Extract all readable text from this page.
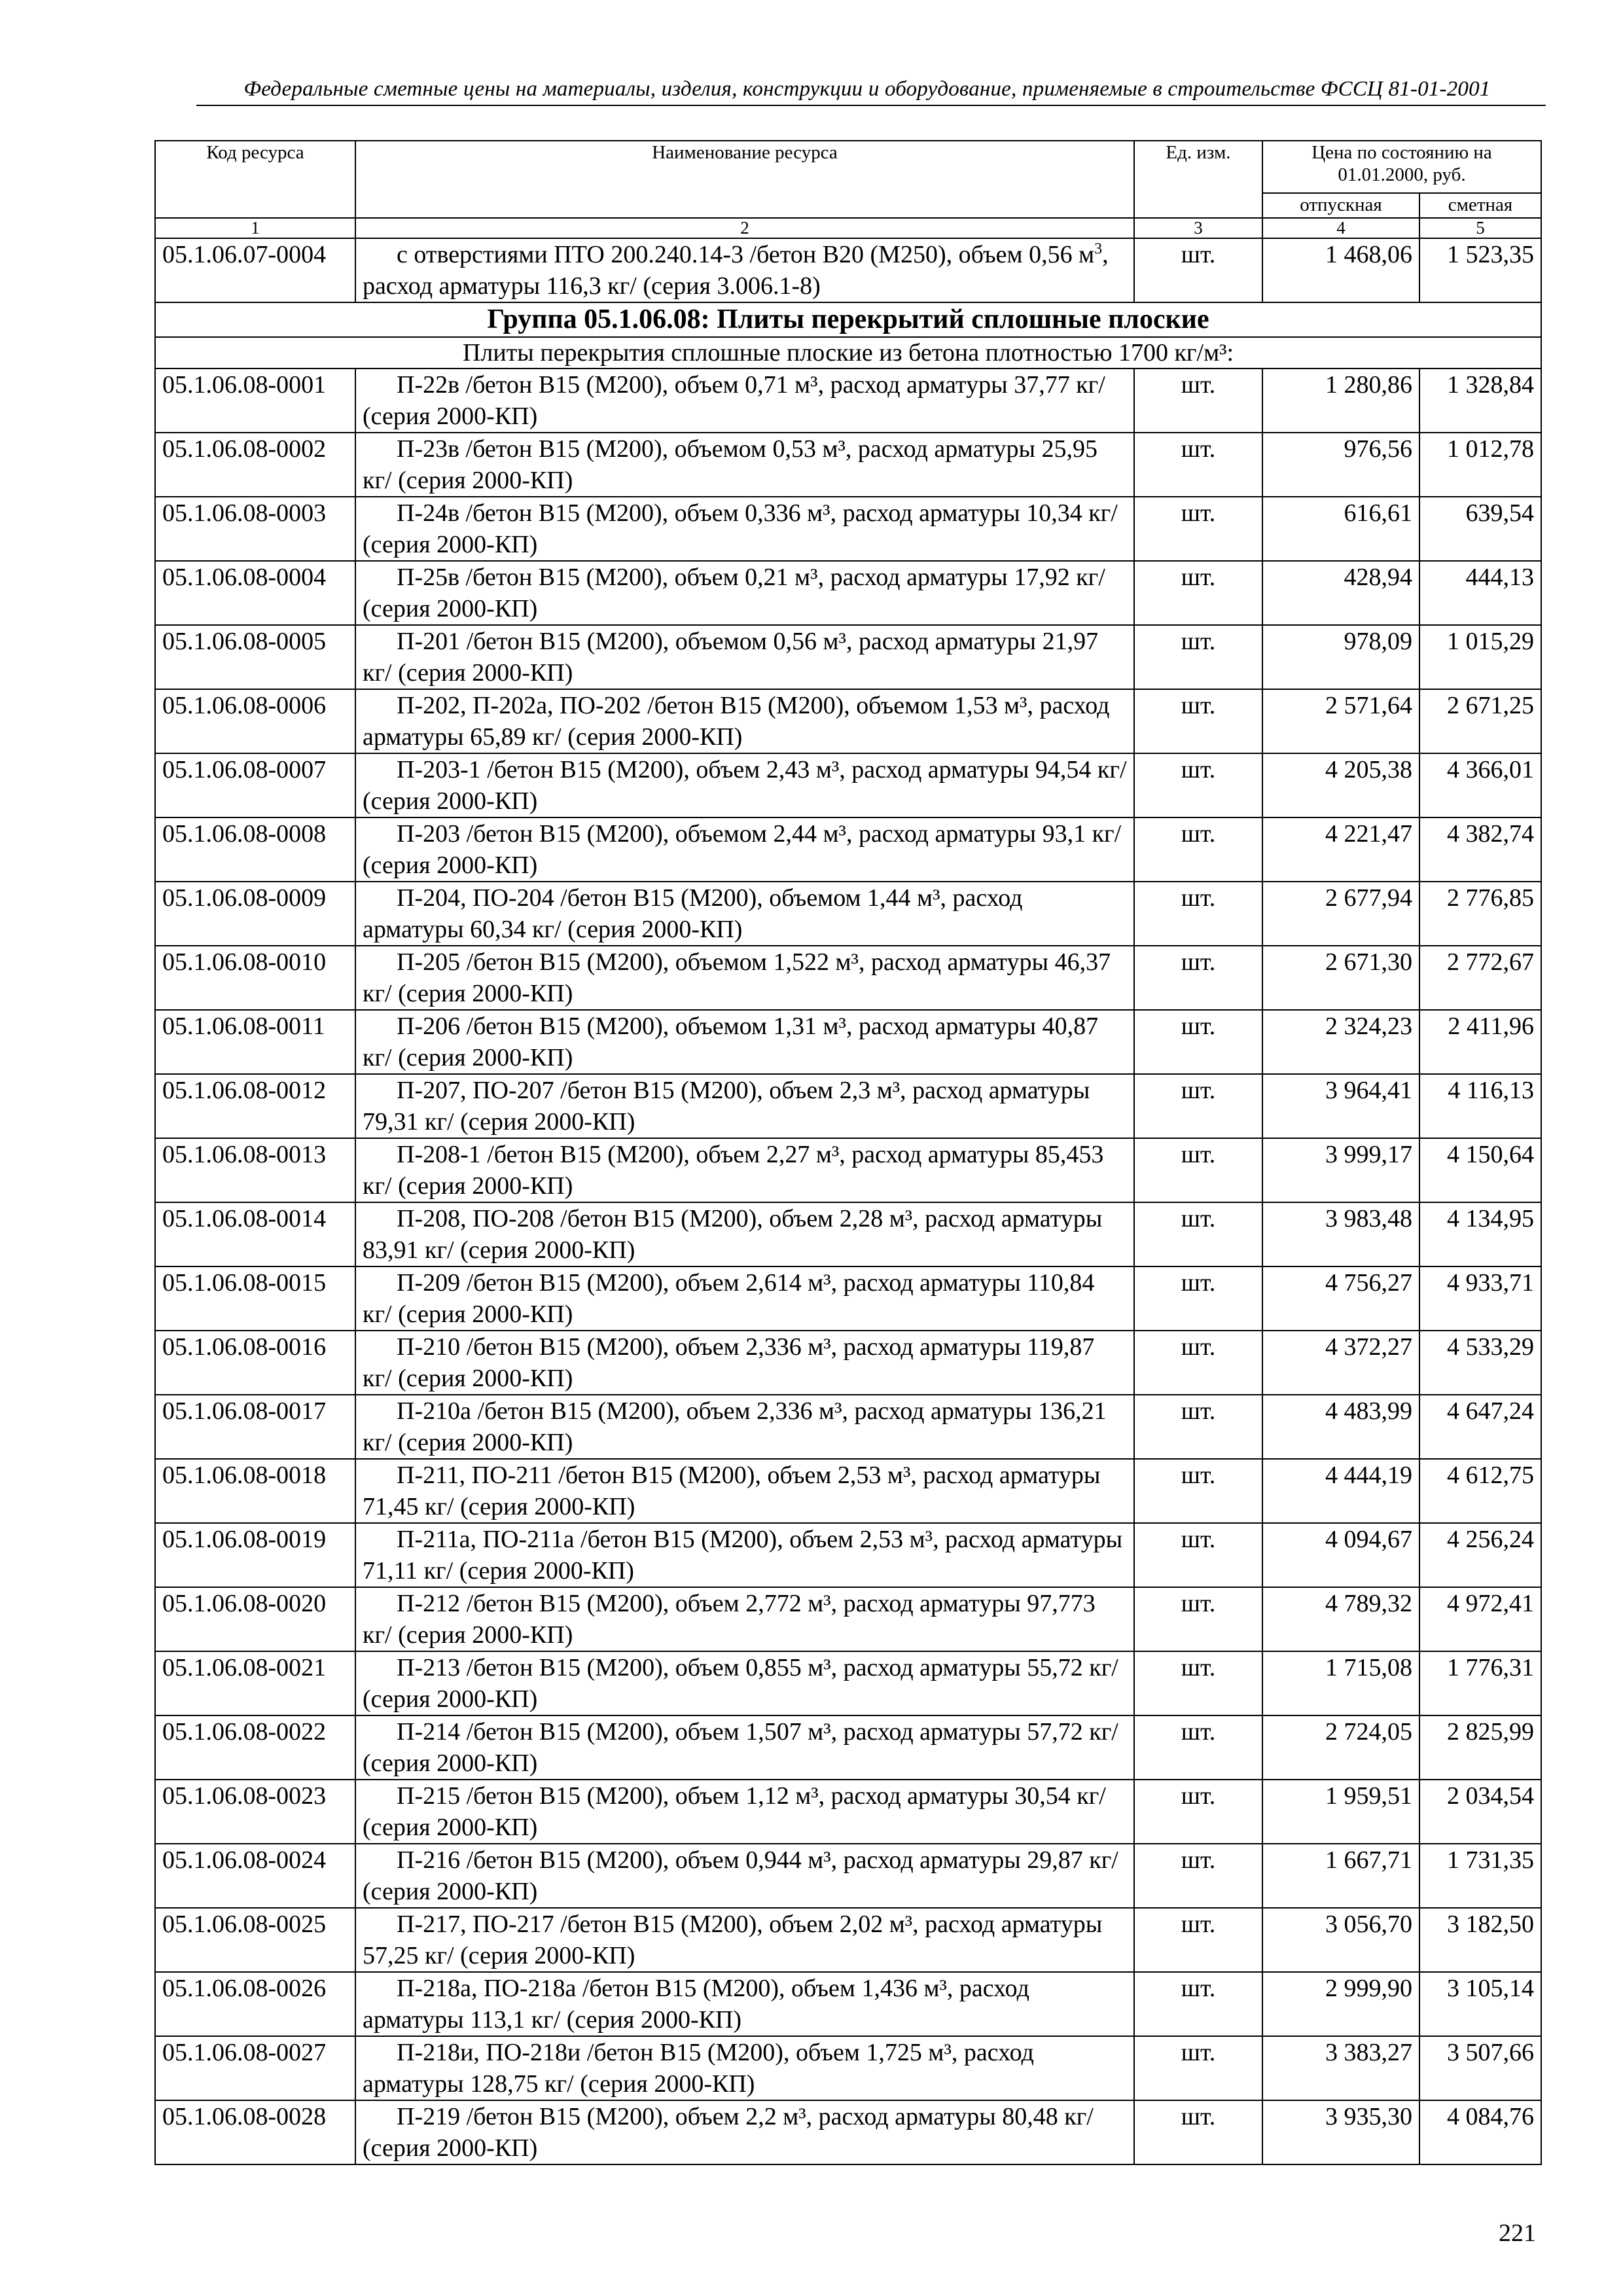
Федеральные сметные цены на материалы, изделия, конструкции и оборудование, применяемые в строительстве ФССЦ 81-01-2001
Код ресурса	Наименование ресурса	Ед. изм.	Цена по состоянию на 01.01.2000, руб.	
			отпускная	сметная
1	2	3	4	5
05.1.06.07-0004	с отверстиями ПТО 200.240.14-3 /бетон В20 (М250), объем 0,56 $м^3$, расход арматуры 116,3 кг/ (серия 3.006.1-8)	шт.	1 468,06	1 523,35
Группа 05.1.06.08: Плиты перекрытий сплошные плоские				
Плиты перекрытия сплошные плоские из бетона плотностью 1700 кг/м³:				
05.1.06.08-0001	П-22в /бетон В15 (М200), объем 0,71 м³, расход арматуры 37,77 кг/ (серия 2000-КП)	шт.	1 280,86	1 328,84
05.1.06.08-0002	П-23в /бетон В15 (М200), объемом 0,53 м³, расход арматуры 25,95 кг/ (серия 2000-КП)	шт.	976,56	1 012,78
05.1.06.08-0003	П-24в /бетон В15 (М200), объем 0,336 м³, расход арматуры 10,34 кг/ (серия 2000-КП)	шт.	616,61	639,54
05.1.06.08-0004	П-25в /бетон В15 (М200), объем 0,21 м³, расход арматуры 17,92 кг/ (серия 2000-КП)	шт.	428,94	444,13
05.1.06.08-0005	П-201 /бетон В15 (М200), объемом 0,56 м³, расход арматуры 21,97 кг/ (серия 2000-КП)	шт.	978,09	1 015,29
05.1.06.08-0006	П-202, П-202а, ПО-202 /бетон В15 (М200), объемом 1,53 м³, расход арматуры 65,89 кг/ (серия 2000-КП)	шт.	2 571,64	2 671,25
05.1.06.08-0007	П-203-1 /бетон В15 (М200), объем 2,43 м³, расход арматуры 94,54 кг/ (серия 2000-КП)	шт.	4 205,38	4 366,01
05.1.06.08-0008	П-203 /бетон В15 (М200), объемом 2,44 м³, расход арматуры 93,1 кг/ (серия 2000-КП)	шт.	4 221,47	4 382,74
05.1.06.08-0009	П-204, ПО-204 /бетон В15 (М200), объемом 1,44 м³, расход арматуры 60,34 кг/ (серия 2000-КП)	шт.	2 677,94	2 776,85
05.1.06.08-0010	П-205 /бетон В15 (М200), объемом 1,522 м³, расход арматуры 46,37 кг/ (серия 2000-КП)	шт.	2 671,30	2 772,67
05.1.06.08-0011	П-206 /бетон В15 (М200), объемом 1,31 м³, расход арматуры 40,87 кг/ (серия 2000-КП)	шт.	2 324,23	2 411,96
05.1.06.08-0012	П-207, ПО-207 /бетон В15 (М200), объем 2,3 м³, расход арматуры 79,31 кг/ (серия 2000-КП)	шт.	3 964,41	4 116,13
05.1.06.08-0013	П-208-1 /бетон В15 (М200), объем 2,27 м³, расход арматуры 85,453 кг/ (серия 2000-КП)	шт.	3 999,17	4 150,64
05.1.06.08-0014	П-208, ПО-208 /бетон В15 (М200), объем 2,28 м³, расход арматуры 83,91 кг/ (серия 2000-КП)	шт.	3 983,48	4 134,95
05.1.06.08-0015	П-209 /бетон В15 (М200), объем 2,614 м³, расход арматуры 110,84 кг/ (серия 2000-КП)	шт.	4 756,27	4 933,71
05.1.06.08-0016	П-210 /бетон В15 (М200), объем 2,336 м³, расход арматуры 119,87 кг/ (серия 2000-КП)	шт.	4 372,27	4 533,29
05.1.06.08-0017	П-210а /бетон В15 (М200), объем 2,336 м³, расход арматуры 136,21 кг/ (серия 2000-КП)	шт.	4 483,99	4 647,24
05.1.06.08-0018	П-211, ПО-211 /бетон В15 (М200), объем 2,53 м³, расход арматуры 71,45 кг/ (серия 2000-КП)	шт.	4 444,19	4 612,75
05.1.06.08-0019	П-211а, ПО-211а /бетон В15 (М200), объем 2,53 м³, расход арматуры 71,11 кг/ (серия 2000-КП)	шт.	4 094,67	4 256,24
05.1.06.08-0020	П-212 /бетон В15 (М200), объем 2,772 м³, расход арматуры 97,773 кг/ (серия 2000-КП)	шт.	4 789,32	4 972,41
05.1.06.08-0021	П-213 /бетон В15 (М200), объем 0,855 м³, расход арматуры 55,72 кг/ (серия 2000-КП)	шт.	1 715,08	1 776,31
05.1.06.08-0022	П-214 /бетон В15 (М200), объем 1,507 м³, расход арматуры 57,72 кг/ (серия 2000-КП)	шт.	2 724,05	2 825,99
05.1.06.08-0023	П-215 /бетон В15 (М200), объем 1,12 м³, расход арматуры 30,54 кг/ (серия 2000-КП)	шт.	1 959,51	2 034,54
05.1.06.08-0024	П-216 /бетон В15 (М200), объем 0,944 м³, расход арматуры 29,87 кг/ (серия 2000-КП)	шт.	1 667,71	1 731,35
05.1.06.08-0025	П-217, ПО-217 /бетон В15 (М200), объем 2,02 м³, расход арматуры 57,25 кг/ (серия 2000-КП)	шт.	3 056,70	3 182,50
05.1.06.08-0026	П-218а, ПО-218а /бетон В15 (М200), объем 1,436 м³, расход арматуры 113,1 кг/ (серия 2000-КП)	шт.	2 999,90	3 105,14
05.1.06.08-0027	П-218и, ПО-218и /бетон В15 (М200), объем 1,725 м³, расход арматуры 128,75 кг/ (серия 2000-КП)	шт.	3 383,27	3 507,66
05.1.06.08-0028	П-219 /бетон В15 (М200), объем 2,2 м³, расход арматуры 80,48 кг/ (серия 2000-КП)	шт.	3 935,30	4 084,76
221
